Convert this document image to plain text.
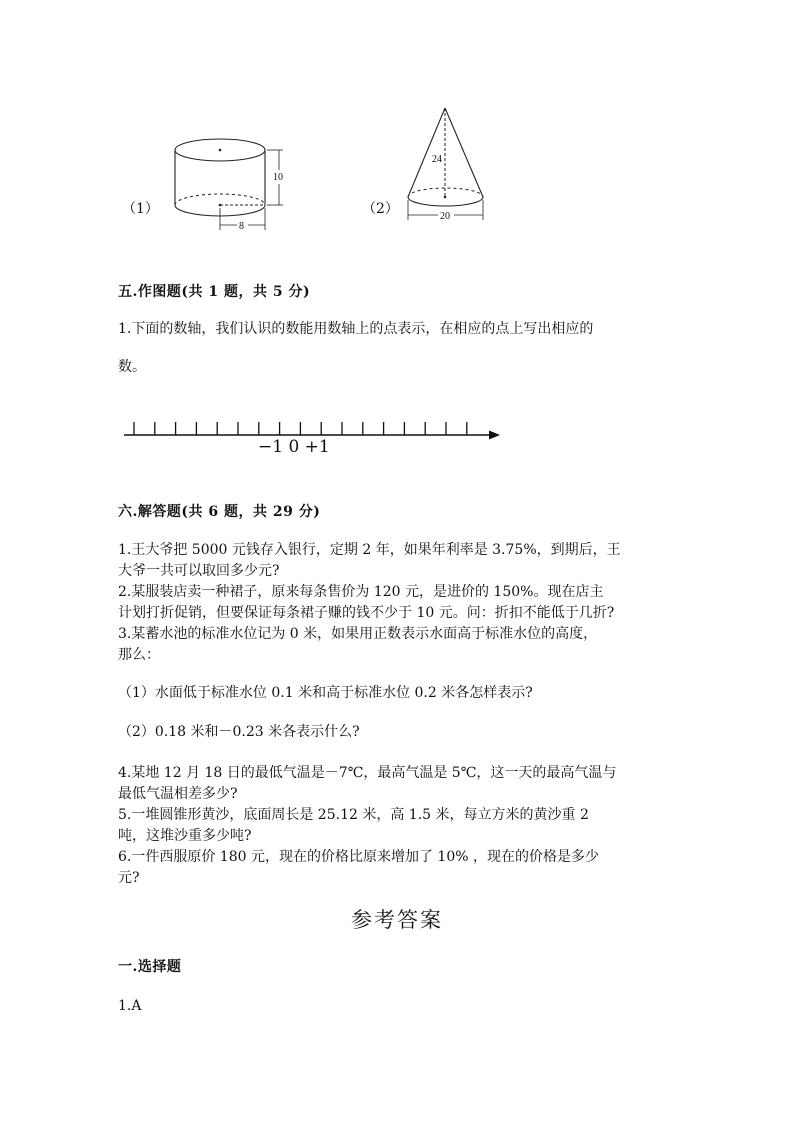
（1）
10
8
（2）
24
20
五.作图题(共 1 题，共 5 分)
1.下面的数轴，我们认识的数能用数轴上的点表示，在相应的点上写出相应的
数。
−1 0 +1
六.解答题(共 6 题，共 29 分)
1.王大爷把 5000 元钱存入银行，定期 2 年，如果年利率是 3.75%，到期后，王
大爷一共可以取回多少元?
2.某服装店卖一种裙子，原来每条售价为 120 元，是进价的 150%。现在店主
计划打折促销，但要保证每条裙子赚的钱不少于 10 元。问：折扣不能低于几折?
3.某蓄水池的标准水位记为 0 米，如果用正数表示水面高于标准水位的高度，
那么：
（1）水面低于标准水位 0.1 米和高于标准水位 0.2 米各怎样表示?
（2）0.18 米和－0.23 米各表示什么?
4.某地 12 月 18 日的最低气温是－7℃，最高气温是 5℃，这一天的最高气温与
最低气温相差多少?
5.一堆圆锥形黄沙，底面周长是 25.12 米，高 1.5 米，每立方米的黄沙重 2
吨，这堆沙重多少吨?
6.一件西服原价 180 元，现在的价格比原来增加了 10% ，现在的价格是多少
元?
参考答案
一.选择题
1.A
